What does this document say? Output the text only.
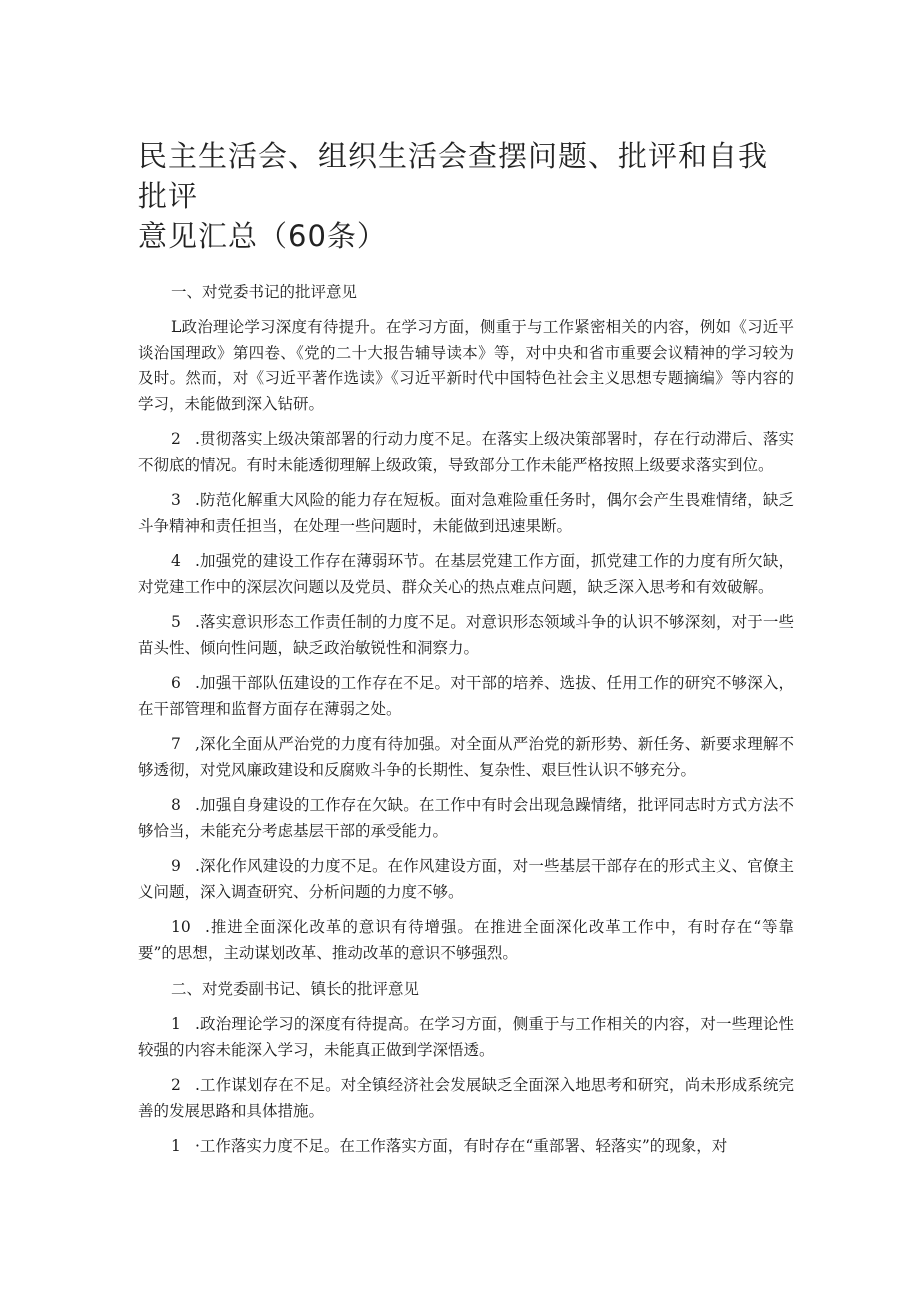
民主生活会、组织生活会查摆问题、批评和自我批评
意见汇总（60条）

一、对党委书记的批评意见

L政治理论学习深度有待提升。在学习方面，侧重于与工作紧密相关的内容，例如《习近平谈治国理政》第四卷、《党的二十大报告辅导读本》等，对中央和省市重要会议精神的学习较为及时。然而，对《习近平著作选读》《习近平新时代中国特色社会主义思想专题摘编》等内容的学习，未能做到深入钻研。

2 .贯彻落实上级决策部署的行动力度不足。在落实上级决策部署时，存在行动滞后、落实不彻底的情况。有时未能透彻理解上级政策，导致部分工作未能严格按照上级要求落实到位。

3 .防范化解重大风险的能力存在短板。面对急难险重任务时，偶尔会产生畏难情绪，缺乏斗争精神和责任担当，在处理一些问题时，未能做到迅速果断。

4 .加强党的建设工作存在薄弱环节。在基层党建工作方面，抓党建工作的力度有所欠缺，对党建工作中的深层次问题以及党员、群众关心的热点难点问题，缺乏深入思考和有效破解。

5 .落实意识形态工作责任制的力度不足。对意识形态领域斗争的认识不够深刻，对于一些苗头性、倾向性问题，缺乏政治敏锐性和洞察力。

6 .加强干部队伍建设的工作存在不足。对干部的培养、选拔、任用工作的研究不够深入，在干部管理和监督方面存在薄弱之处。

7 ,深化全面从严治党的力度有待加强。对全面从严治党的新形势、新任务、新要求理解不够透彻，对党风廉政建设和反腐败斗争的长期性、复杂性、艰巨性认识不够充分。

8 .加强自身建设的工作存在欠缺。在工作中有时会出现急躁情绪，批评同志时方式方法不够恰当，未能充分考虑基层干部的承受能力。

9 .深化作风建设的力度不足。在作风建设方面，对一些基层干部存在的形式主义、官僚主义问题，深入调查研究、分析问题的力度不够。

10 .推进全面深化改革的意识有待增强。在推进全面深化改革工作中，有时存在“等靠要”的思想，主动谋划改革、推动改革的意识不够强烈。

二、对党委副书记、镇长的批评意见

1 .政治理论学习的深度有待提高。在学习方面，侧重于与工作相关的内容，对一些理论性较强的内容未能深入学习，未能真正做到学深悟透。

2 .工作谋划存在不足。对全镇经济社会发展缺乏全面深入地思考和研究，尚未形成系统完善的发展思路和具体措施。

1 ·工作落实力度不足。在工作落实方面，有时存在“重部署、轻落实”的现象，对
